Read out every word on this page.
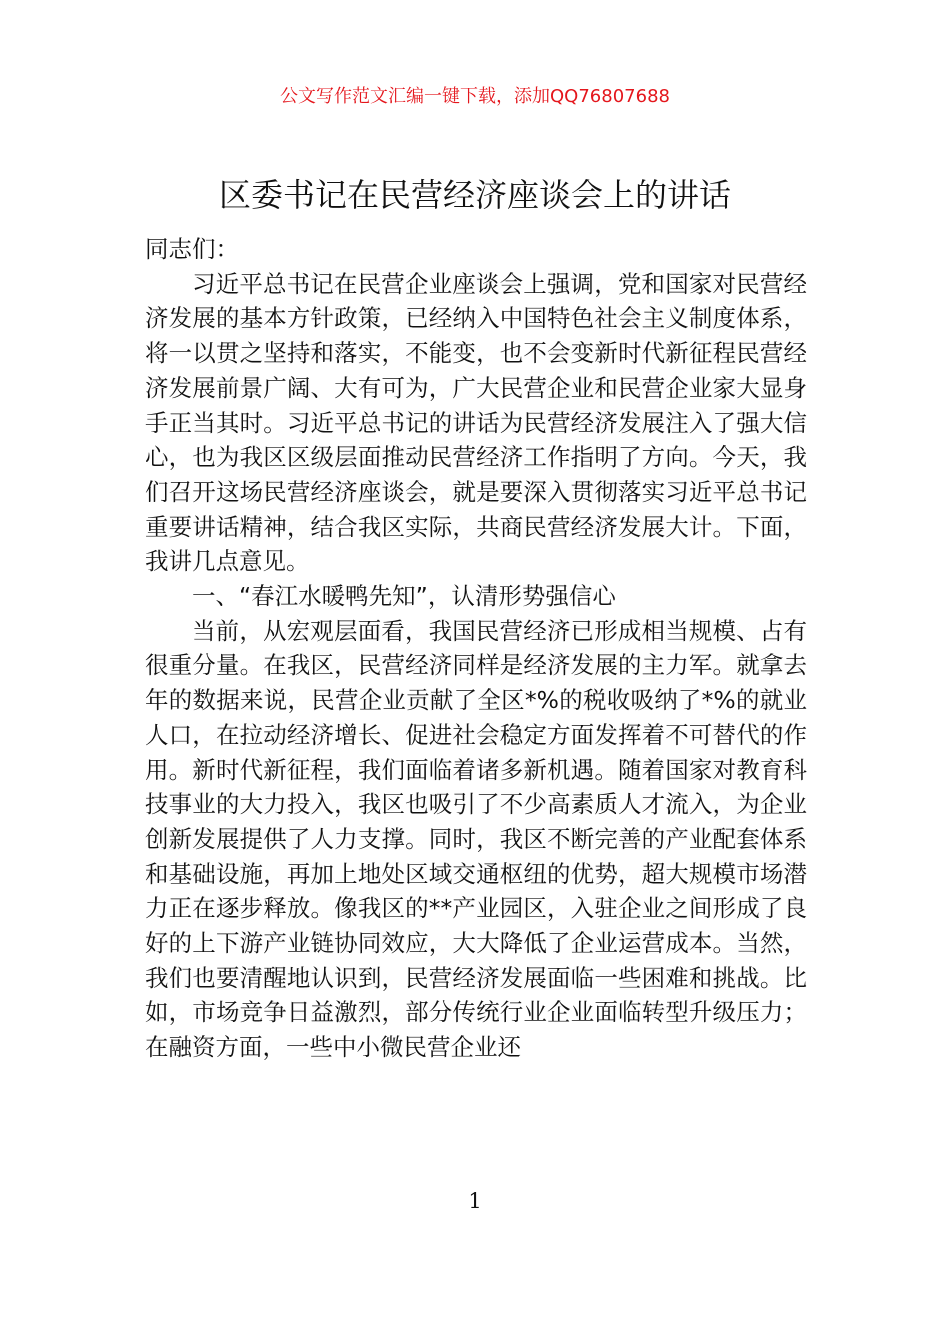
公文写作范文汇编一键下载，添加QQ76807688
区委书记在民营经济座谈会上的讲话

同志们：

习近平总书记在民营企业座谈会上强调，党和国家对民营经济发展的基本方针政策，已经纳入中国特色社会主义制度体系，将一以贯之坚持和落实，不能变，也不会变新时代新征程民营经济发展前景广阔、大有可为，广大民营企业和民营企业家大显身手正当其时。习近平总书记的讲话为民营经济发展注入了强大信心，也为我区区级层面推动民营经济工作指明了方向。今天，我们召开这场民营经济座谈会，就是要深入贯彻落实习近平总书记重要讲话精神，结合我区实际，共商民营经济发展大计。下面，我讲几点意见。

一、“春江水暖鸭先知”，认清形势强信心

当前，从宏观层面看，我国民营经济已形成相当规模、占有很重分量。在我区，民营经济同样是经济发展的主力军。就拿去年的数据来说，民营企业贡献了全区*%的税收吸纳了*%的就业人口，在拉动经济增长、促进社会稳定方面发挥着不可替代的作用。新时代新征程，我们面临着诸多新机遇。随着国家对教育科技事业的大力投入，我区也吸引了不少高素质人才流入，为企业创新发展提供了人力支撑。同时，我区不断完善的产业配套体系和基础设施，再加上地处区域交通枢纽的优势，超大规模市场潜力正在逐步释放。像我区的**产业园区，入驻企业之间形成了良好的上下游产业链协同效应，大大降低了企业运营成本。当然，我们也要清醒地认识到，民营经济发展面临一些困难和挑战。比如，市场竞争日益激烈，部分传统行业企业面临转型升级压力；在融资方面，一些中小微民营企业还

1
